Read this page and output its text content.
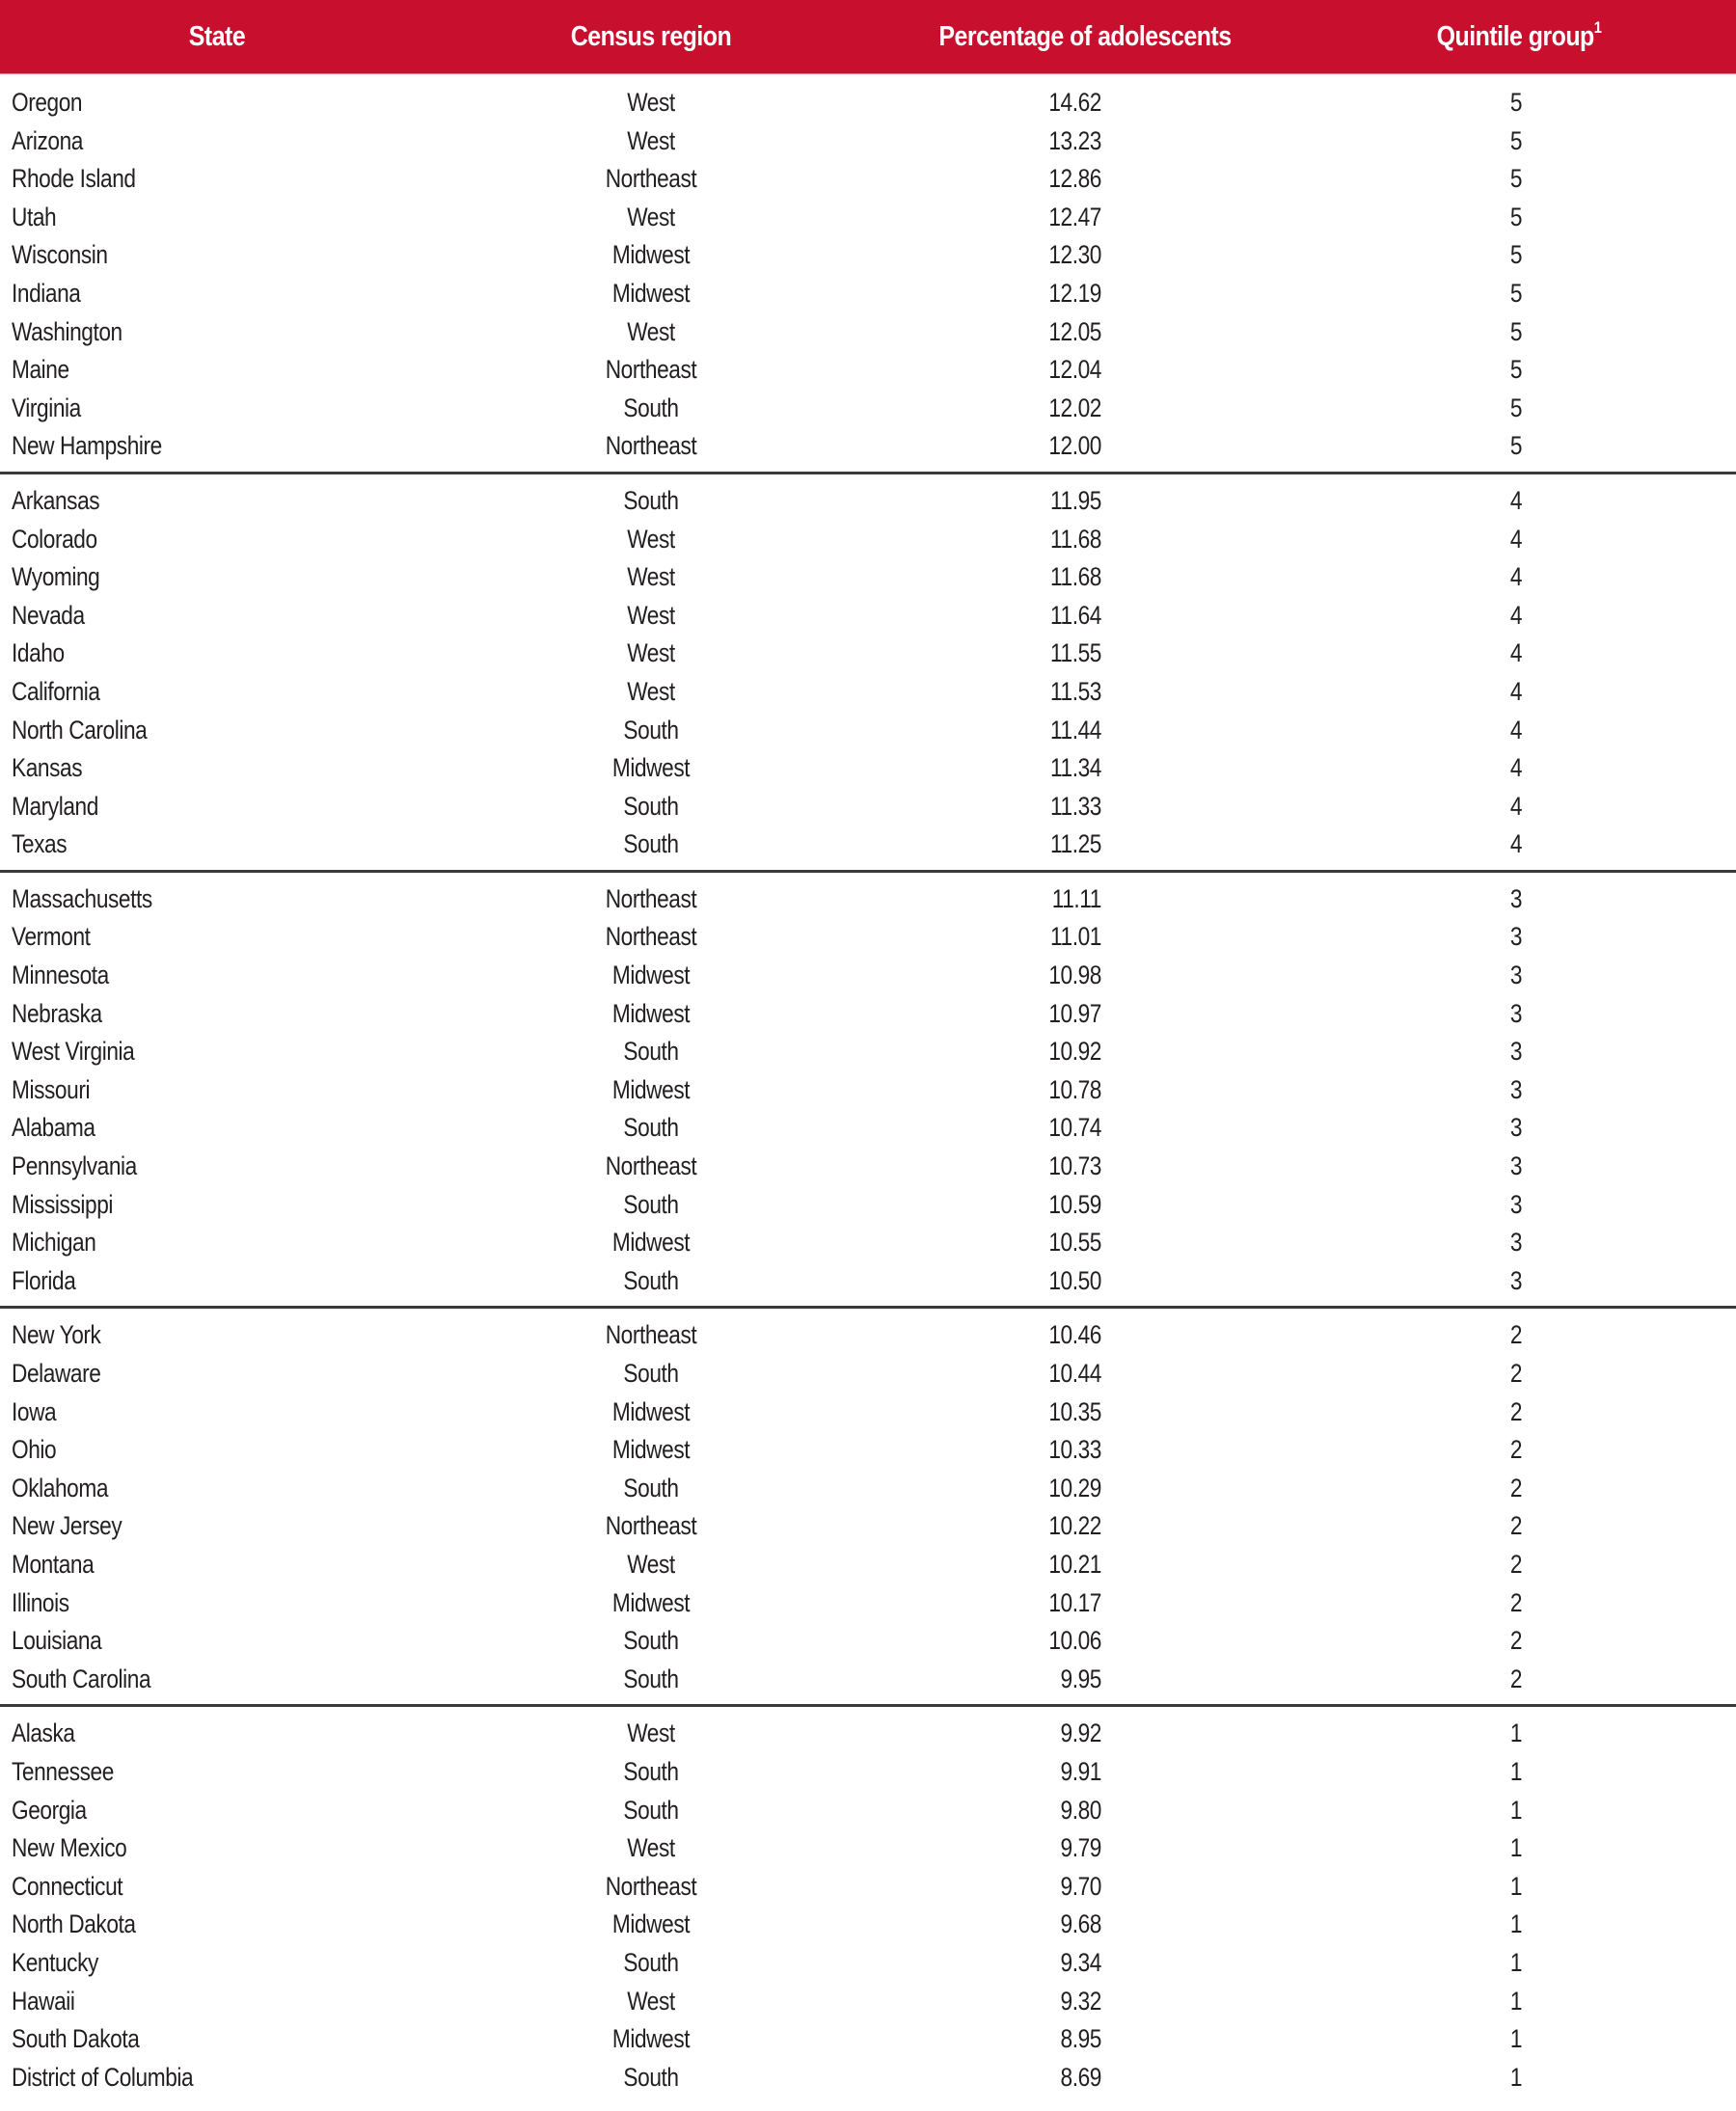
State	Census region	Percentage of adolescents	Quintile group$^1$
Oregon	West	14.62	5
Arizona	West	13.23	5
Rhode Island	Northeast	12.86	5
Utah	West	12.47	5
Wisconsin	Midwest	12.30	5
Indiana	Midwest	12.19	5
Washington	West	12.05	5
Maine	Northeast	12.04	5
Virginia	South	12.02	5
New Hampshire	Northeast	12.00	5
Arkansas	South	11.95	4
Colorado	West	11.68	4
Wyoming	West	11.68	4
Nevada	West	11.64	4
Idaho	West	11.55	4
California	West	11.53	4
North Carolina	South	11.44	4
Kansas	Midwest	11.34	4
Maryland	South	11.33	4
Texas	South	11.25	4
Massachusetts	Northeast	11.11	3
Vermont	Northeast	11.01	3
Minnesota	Midwest	10.98	3
Nebraska	Midwest	10.97	3
West Virginia	South	10.92	3
Missouri	Midwest	10.78	3
Alabama	South	10.74	3
Pennsylvania	Northeast	10.73	3
Mississippi	South	10.59	3
Michigan	Midwest	10.55	3
Florida	South	10.50	3
New York	Northeast	10.46	2
Delaware	South	10.44	2
Iowa	Midwest	10.35	2
Ohio	Midwest	10.33	2
Oklahoma	South	10.29	2
New Jersey	Northeast	10.22	2
Montana	West	10.21	2
Illinois	Midwest	10.17	2
Louisiana	South	10.06	2
South Carolina	South	9.95	2
Alaska	West	9.92	1
Tennessee	South	9.91	1
Georgia	South	9.80	1
New Mexico	West	9.79	1
Connecticut	Northeast	9.70	1
North Dakota	Midwest	9.68	1
Kentucky	South	9.34	1
Hawaii	West	9.32	1
South Dakota	Midwest	8.95	1
District of Columbia	South	8.69	1
